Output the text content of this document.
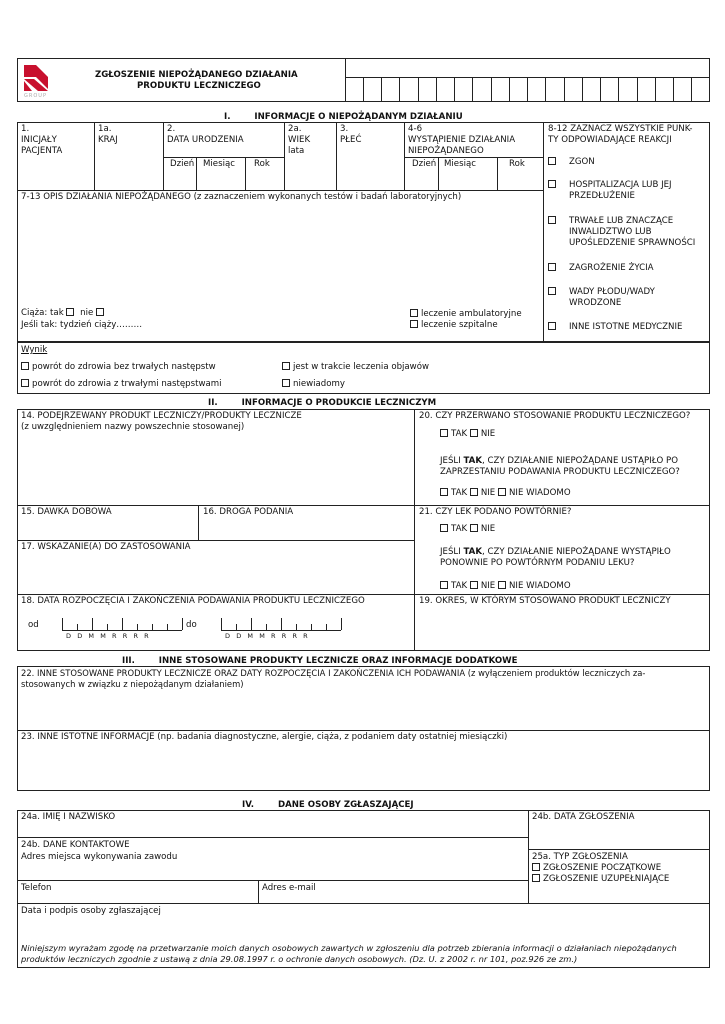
GROUP
ZGŁOSZENIE NIEPOŻĄDANEGO DZIAŁANIA
PRODUKTU LECZNICZEGO
I.        INFORMACJE O NIEPOŻĄDANYM DZIAŁANIU
1.
INICJAŁY
PACJENTA
1a.
KRAJ
2.
DATA URODZENIA
Dzień Miesiąc Rok
2a.
WIEK
lata
3.
PŁEĆ
4-6
WYSTĄPIENIE DZIAŁANIA
NIEPOŻĄDANEGO
Dzień Miesiąc	Rok
8-12 ZAZNACZ WSZYSTKIE PUNK-
TY ODPOWIADAJĄCE REAKCJI
ZGON
HOSPITALIZACJA LUB JEJ
PRZEDŁUŻENIE
TRWAŁE LUB ZNACZĄCE
INWALIDZTWO LUB
UPOŚLEDZENIE SPRAWNOŚCI
ZAGROŻENIE ŻYCIA
WADY PŁODU/WADY
WRODZONE
INNE ISTOTNE MEDYCZNIE
7-13 OPIS DZIAŁANIA NIEPOŻĄDANEGO (z zaznaczeniem wykonanych testów i badań laboratoryjnych)
Ciąża: tak nie
Jeśli tak: tydzień ciąży………
leczenie ambulatoryjne
leczenie szpitalne
Wynik
powrót do zdrowia bez trwałych następstw
powrót do zdrowia z trwałymi następstwami
jest w trakcie leczenia objawów
niewiadomy
II.        INFORMACJE O PRODUKCIE LECZNICZYM
14. PODEJRZEWANY PRODUKT LECZNICZY/PRODUKTY LECZNICZE
(z uwzględnieniem nazwy powszechnie stosowanej)
20. CZY PRZERWANO STOSOWANIE PRODUKTU LECZNICZEGO?
TAK NIE
JEŚLI TAK, CZY DZIAŁANIE NIEPOŻĄDANE USTĄPIŁO PO
ZAPRZESTANIU PODAWANIA PRODUKTU LECZNICZEGO?
TAK NIE NIE WIADOMO
15. DAWKA DOBOWA	16. DROGA PODANIA	21. CZY LEK PODANO POWTÓRNIE?
TAK NIE
JEŚLI TAK, CZY DZIAŁANIE NIEPOŻĄDANE WYSTĄPIŁO
PONOWNIE PO POWTÓRNYM PODANIU LEKU?
TAK NIE NIE WIADOMO
17. WSKAZANIE(A) DO ZASTOSOWANIA
18. DATA ROZPOCZĘCIA I ZAKOŃCZENIA PODAWANIA PRODUKTU LECZNICZEGO	19. OKRES, W KTÓRYM STOSOWANO PRODUKT LECZNICZY
od
D   D   M   M   R   R   R   R
do
D   D   M   M   R   R   R   R
III.        INNE STOSOWANE PRODUKTY LECZNICZE ORAZ INFORMACJE DODATKOWE
22. INNE STOSOWANE PRODUKTY LECZNICZE ORAZ DATY ROZPOCZĘCIA I ZAKOŃCZENIA ICH PODAWANIA (z wyłączeniem produktów leczniczych za-
stosowanych w związku z niepożądanym działaniem)
23. INNE ISTOTNE INFORMACJE (np. badania diagnostyczne, alergie, ciąża, z podaniem daty ostatniej miesiączki)
IV.        DANE OSOBY ZGŁASZAJĄCEJ
24a. IMIĘ I NAZWISKO	24b. DATA ZGŁOSZENIA
24b. DANE KONTAKTOWE
Adres miejsca wykonywania zawodu	25a. TYP ZGŁOSZENIA
ZGŁOSZENIE POCZĄTKOWE
ZGŁOSZENIE UZUPEŁNIAJĄCE
Telefon	Adres e-mail
Data i podpis osoby zgłaszającej
Niniejszym wyrażam zgodę na przetwarzanie moich danych osobowych zawartych w zgłoszeniu dla potrzeb zbierania informacji o działaniach niepożądanych
produktów leczniczych zgodnie z ustawą z dnia 29.08.1997 r. o ochronie danych osobowych. (Dz. U. z 2002 r. nr 101, poz.926 ze zm.)
